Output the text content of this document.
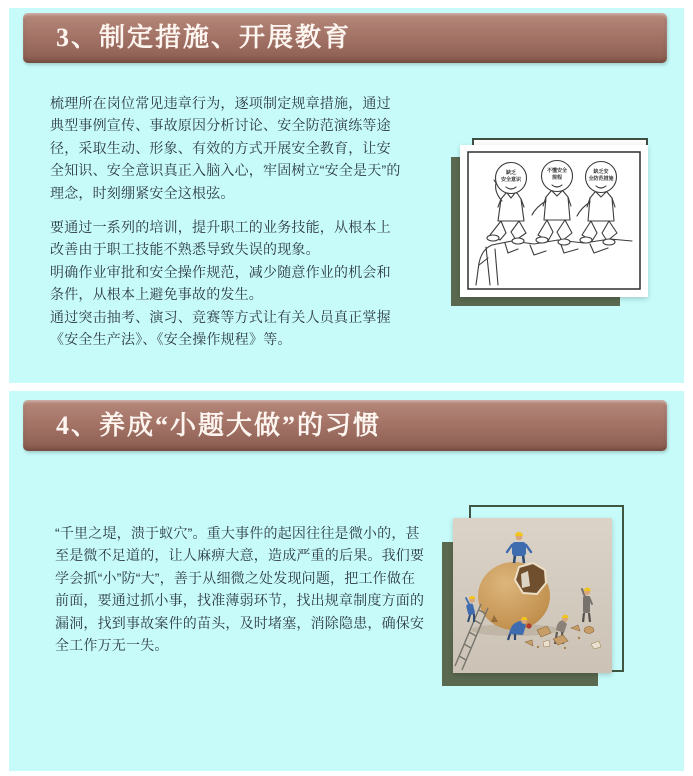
3、制定措施、开展教育

梳理所在岗位常见违章行为，逐项制定规章措施，通过典型事例宣传、事故原因分析讨论、安全防范演练等途径，采取生动、形象、有效的方式开展安全教育，让安全知识、安全意识真正入脑入心，牢固树立“安全是天”的理念，时刻绷紧安全这根弦。

要通过一系列的培训，提升职工的业务技能，从根本上改善由于职工技能不熟悉导致失误的现象。

明确作业审批和安全操作规范，减少随意作业的机会和条件，从根本上避免事故的发生。

通过突击抽考、演习、竞赛等方式让有关人员真正掌握《安全生产法》、《安全操作规程》等。

缺乏
安全意识
不懂安全
规程
缺乏安
全防范措施
4、养成“小题大做”的习惯

“千里之堤，溃于蚁穴”。重大事件的起因往往是微小的，甚至是微不足道的，让人麻痹大意，造成严重的后果。我们要学会抓“小”防“大”，善于从细微之处发现问题，把工作做在前面，要通过抓小事，找准薄弱环节，找出规章制度方面的漏洞，找到事故案件的苗头，及时堵塞，消除隐患，确保安全工作万无一失。
